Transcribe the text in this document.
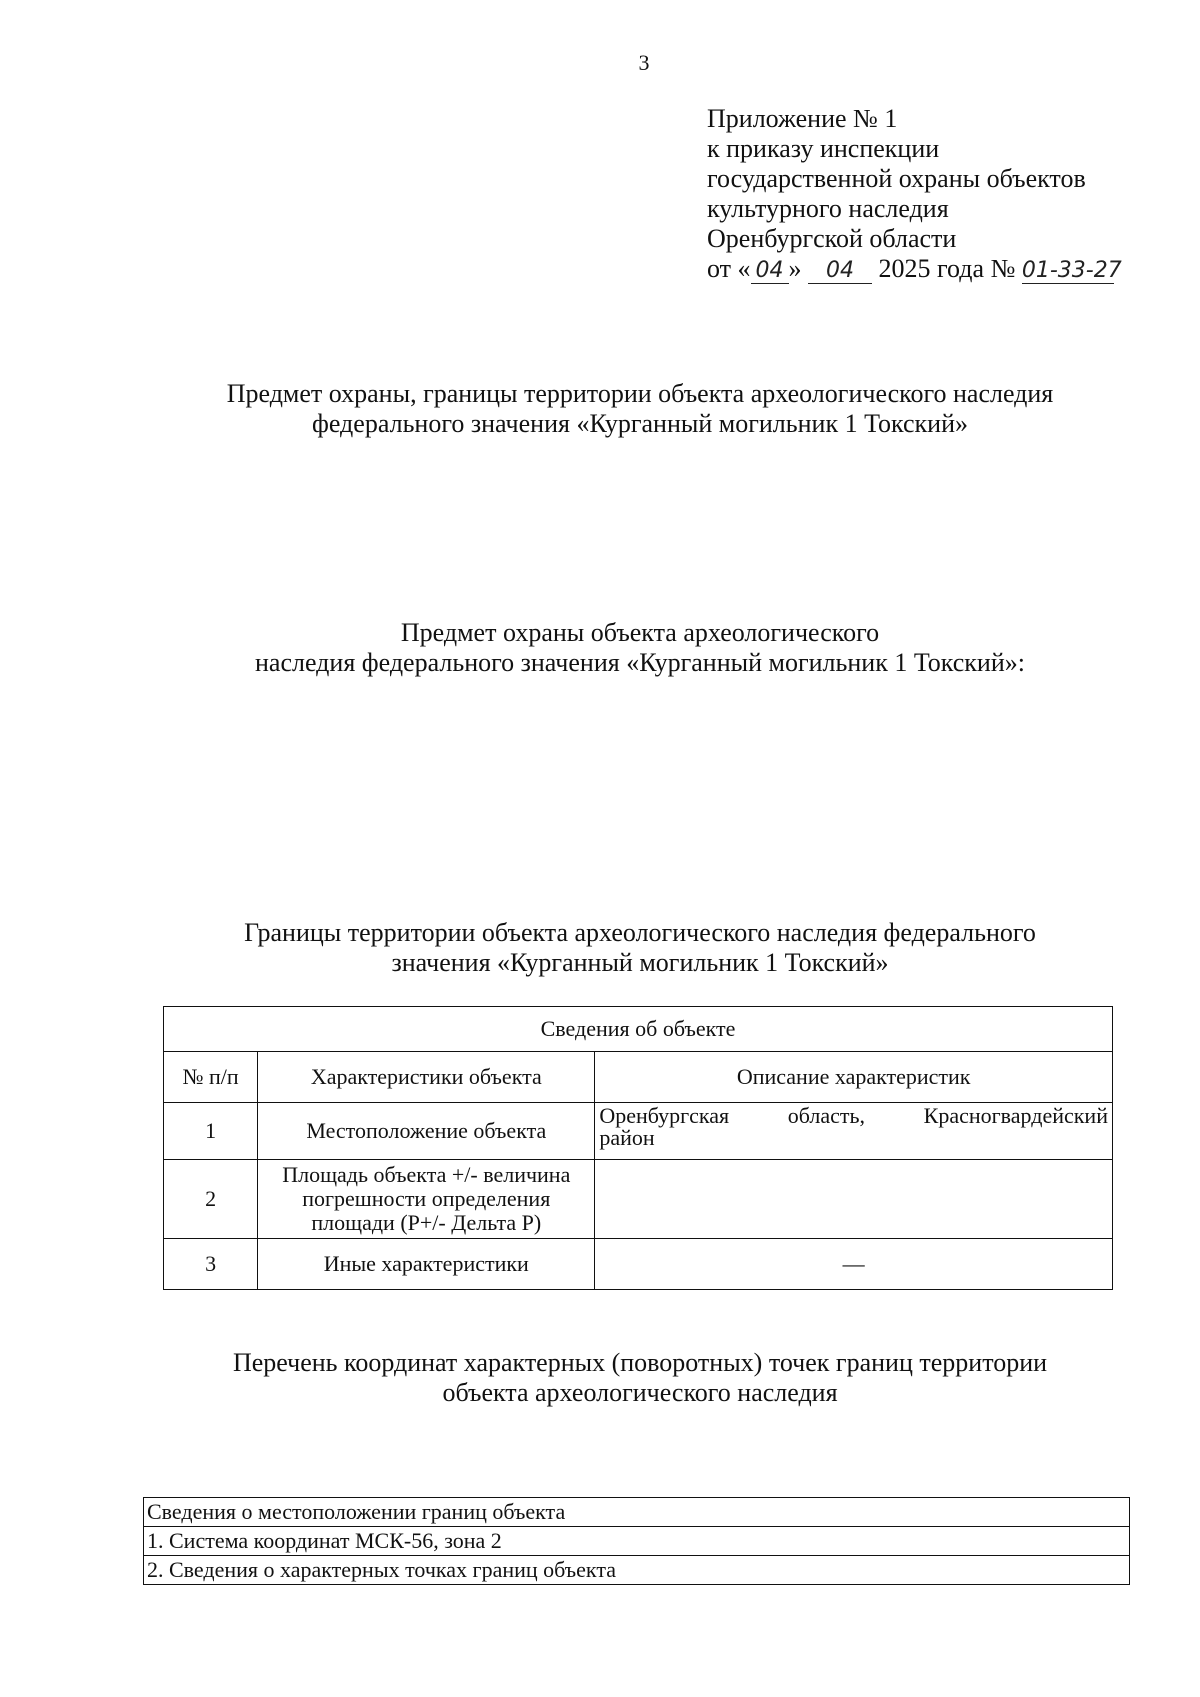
3
Приложение № 1
к приказу инспекции
государственной охраны объектов
культурного наследия
Оренбургской области
от « 04 » 04 2025 года № 01-33-27
Предмет охраны, границы территории объекта археологического наследия
федерального значения «Курганный могильник 1 Токский»
Предмет охраны объекта археологического
наследия федерального значения «Курганный могильник 1 Токский»:
Границы территории объекта археологического наследия федерального
значения «Курганный могильник 1 Токский»
Сведения об объекте		
№ п/п	Характеристики объекта	Описание характеристик
1	Местоположение объекта	Оренбургская область, Красногвардейский
район

2	Площадь объекта +/- величина
погрешности определения
площади (P+/- Дельта P)	

3	Иные характеристики	—
Перечень координат характерных (поворотных) точек границ территории
объекта археологического наследия
Сведения о местоположении границ объекта
1. Система координат МСК-56, зона 2
2. Сведения о характерных точках границ объекта
